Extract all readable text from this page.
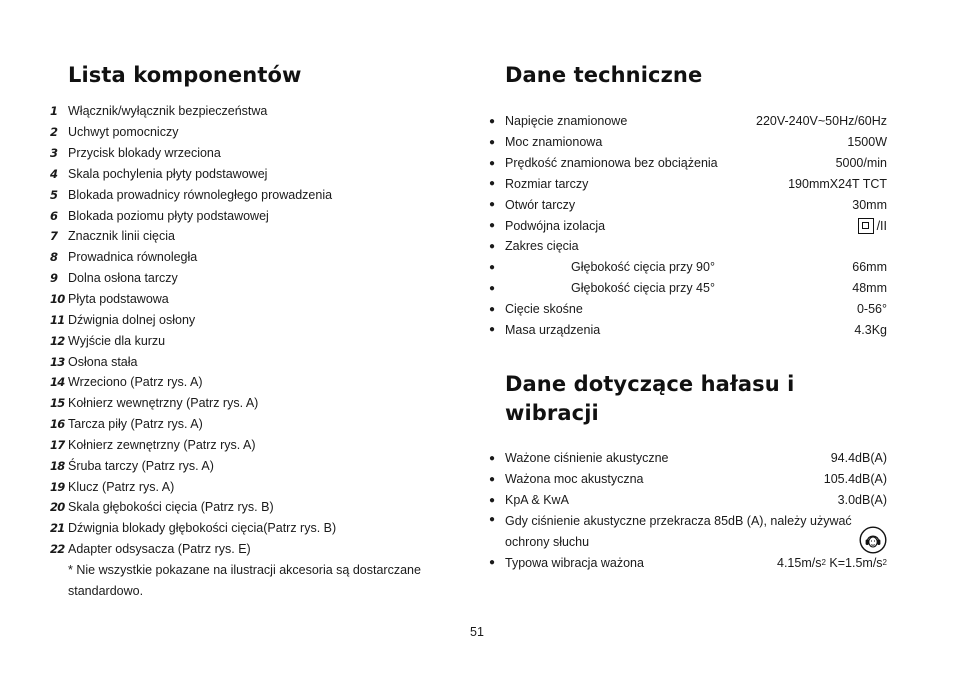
Lista komponentów
1 Włącznik/wyłącznik bezpieczeństwa
2 Uchwyt pomocniczy
3 Przycisk blokady wrzeciona
4 Skala pochylenia płyty podstawowej
5 Blokada prowadnicy równoległego prowadzenia
6 Blokada poziomu płyty podstawowej
7 Znacznik linii cięcia
8 Prowadnica równoległa
9 Dolna osłona tarczy
10 Płyta podstawowa
11 Dźwignia dolnej osłony
12 Wyjście dla kurzu
13 Osłona stała
14 Wrzeciono (Patrz rys. A)
15 Kołnierz wewnętrzny (Patrz rys. A)
16 Tarcza piły (Patrz rys. A)
17 Kołnierz zewnętrzny (Patrz rys. A)
18 Śruba tarczy (Patrz rys. A)
19 Klucz (Patrz rys. A)
20 Skala głębokości cięcia (Patrz rys. B)
21 Dźwignia blokady głębokości cięcia(Patrz rys. B)
22 Adapter odsysacza (Patrz rys. E)
* Nie wszystkie pokazane na ilustracji akcesoria są dostarczane standardowo.
Dane techniczne
● Napięcie znamionowe	220V-240V~50Hz/60Hz
● Moc znamionowa	1500W
● Prędkość znamionowa bez obciążenia	5000/min
● Rozmiar tarczy	190mmX24T TCT
● Otwór tarczy	30mm
● Podwójna izolacja	/II
● Zakres cięcia
●	Głębokość cięcia przy 90°	66mm
●	Głębokość cięcia przy 45°	48mm
● Cięcie skośne	0-56°
● Masa urządzenia	4.3Kg
Dane dotyczące hałasu i
wibracji
● Ważone ciśnienie akustyczne	94.4dB(A)
● Ważona moc akustyczna	105.4dB(A)
● KpA & KwA	3.0dB(A)
● Gdy ciśnienie akustyczne przekracza 85dB (A), należy używać ochrony słuchu
● Typowa wibracja ważona	4.15m/s 2 K=1.5m/s 2
51
